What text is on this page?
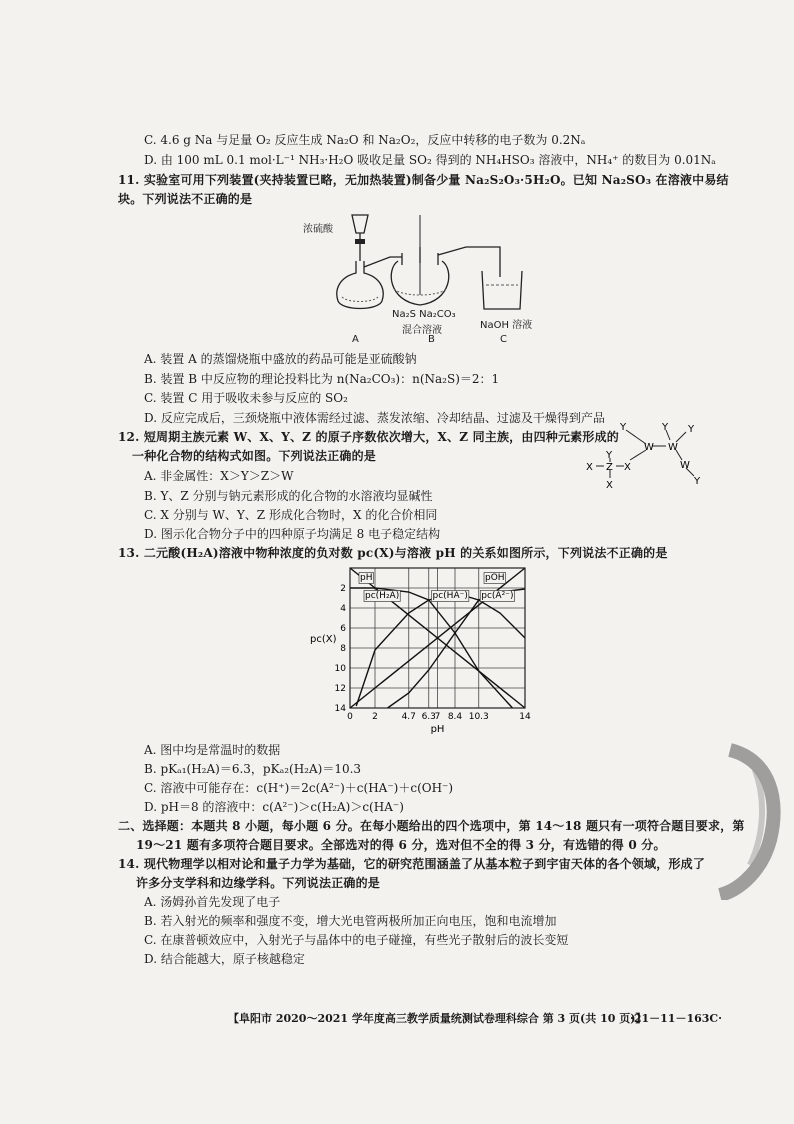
C. 4.6 g Na 与足量 O₂ 反应生成 Na₂O 和 Na₂O₂，反应中转移的电子数为 0.2Nₐ
D. 由 100 mL 0.1 mol·L⁻¹ NH₃·H₂O 吸收足量 SO₂ 得到的 NH₄HSO₃ 溶液中，NH₄⁺ 的数目为 0.01Nₐ
11. 实验室可用下列装置(夹持装置已略，无加热装置)制备少量 Na₂S₂O₃·5H₂O。已知 Na₂SO₃ 在溶液中易结
块。下列说法不正确的是
浓硫酸
Na₂S Na₂CO₃
混合溶液	NaOH 溶液
A	B	C
A. 装置 A 的蒸馏烧瓶中盛放的药品可能是亚硫酸钠
B. 装置 B 中反应物的理论投料比为 n(Na₂CO₃)：n(Na₂S)＝2：1
C. 装置 C 用于吸收未参与反应的 SO₂
D. 反应完成后，三颈烧瓶中液体需经过滤、蒸发浓缩、冷却结晶、过滤及干燥得到产品
12. 短周期主族元素 W、X、Y、Z 的原子序数依次增大，X、Z 同主族，由四种元素形成的
一种化合物的结构式如图。下列说法正确的是
Y	Y
W W
Y
X Z X	W
Y
Y
X
A. 非金属性：X＞Y＞Z＞W
B. Y、Z 分别与钠元素形成的化合物的水溶液均显碱性
C. X 分别与 W、Y、Z 形成化合物时，X 的化合价相同
D. 图示化合物分子中的四种原子均满足 8 电子稳定结构
13. 二元酸(H₂A)溶液中物种浓度的负对数 pc(X)与溶液 pH 的关系如图所示，下列说法不正确的是
0 2	4.7 6.3
7 8.4 10.3	14
2
4
6
8
10
12
14
pH
pc(X)
pH
pc(H₂A)	pc(HA⁻) pc(A²⁻)
pOH
A. 图中均是常温时的数据
B. pKₐ₁(H₂A)＝6.3，pKₐ₂(H₂A)＝10.3
C. 溶液中可能存在：c(H⁺)＝2c(A²⁻)＋c(HA⁻)＋c(OH⁻)
D. pH＝8 的溶液中：c(A²⁻)＞c(H₂A)＞c(HA⁻)
二、选择题：本题共 8 小题，每小题 6 分。在每小题给出的四个选项中，第 14～18 题只有一项符合题目要求，第
19～21 题有多项符合题目要求。全部选对的得 6 分，选对但不全的得 3 分，有选错的得 0 分。
14. 现代物理学以相对论和量子力学为基础，它的研究范围涵盖了从基本粒子到宇宙天体的各个领域，形成了
许多分支学科和边缘学科。下列说法正确的是
A. 汤姆孙首先发现了电子
B. 若入射光的频率和强度不变，增大光电管两极所加正向电压，饱和电流增加
C. 在康普顿效应中，入射光子与晶体中的电子碰撞，有些光子散射后的波长变短
D. 结合能越大，原子核越稳定
【阜阳市 2020～2021 学年度高三教学质量统测试卷理科综合 第 3 页(共 10 页)】
·21－11－163C·
